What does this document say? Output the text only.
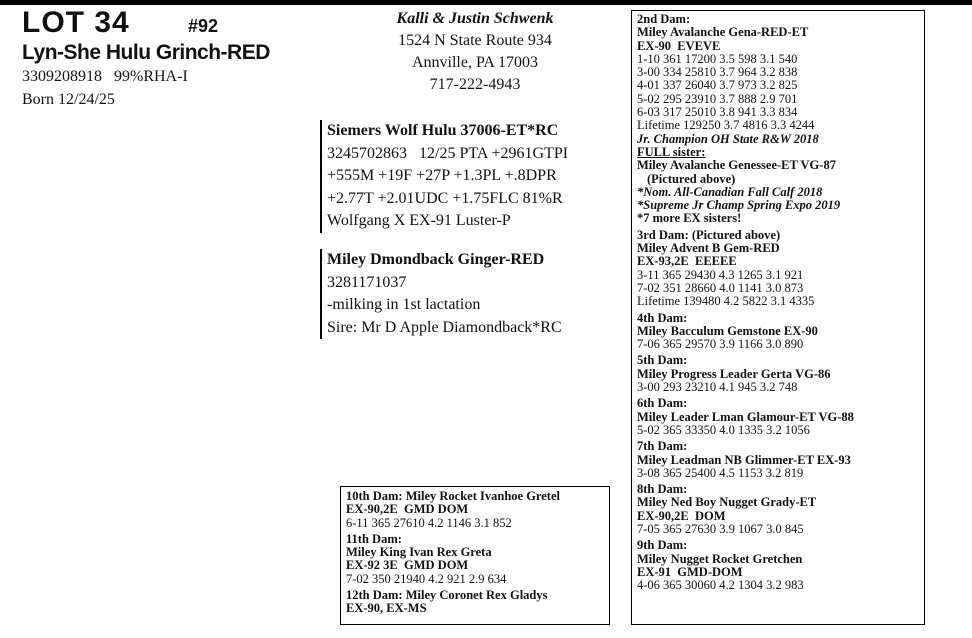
LOT 34	#92
Lyn-She Hulu Grinch-RED
3309208918   99%RHA-I
Born 12/24/25
Kalli & Justin Schwenk
1524 N State Route 934
Annville, PA 17003
717-222-4943
Siemers Wolf Hulu 37006-ET*RC
3245702863   12/25 PTA +2961GTPI
+555M +19F +27P +1.3PL +.8DPR
+2.77T +2.01UDC +1.75FLC 81%R
Wolfgang X EX-91 Luster-P
Miley Dmondback Ginger-RED
3281171037
-milking in 1st lactation
Sire: Mr D Apple Diamondback*RC
2nd Dam:
Miley Avalanche Gena-RED-ET
EX-90  EVEVE
1-10 361 17200 3.5 598 3.1 540
3-00 334 25810 3.7 964 3.2 838
4-01 337 26040 3.7 973 3.2 825
5-02 295 23910 3.7 888 2.9 701
6-03 317 25010 3.8 941 3.3 834
Lifetime 129250 3.7 4816 3.3 4244
Jr. Champion OH State R&W 2018
FULL sister:
Miley Avalanche Genessee-ET VG-87
(Pictured above)
*Nom. All-Canadian Fall Calf 2018
*Supreme Jr Champ Spring Expo 2019
*7 more EX sisters!
3rd Dam: (Pictured above)
Miley Advent B Gem-RED
EX-93,2E  EEEEE
3-11 365 29430 4.3 1265 3.1 921
7-02 351 28660 4.0 1141 3.0 873
Lifetime 139480 4.2 5822 3.1 4335
4th Dam:
Miley Bacculum Gemstone EX-90
7-06 365 29570 3.9 1166 3.0 890
5th Dam:
Miley Progress Leader Gerta VG-86
3-00 293 23210 4.1 945 3.2 748
6th Dam:
Miley Leader Lman Glamour-ET VG-88
5-02 365 33350 4.0 1335 3.2 1056
7th Dam:
Miley Leadman NB Glimmer-ET EX-93
3-08 365 25400 4.5 1153 3.2 819
8th Dam:
Miley Ned Boy Nugget Grady-ET
EX-90,2E  DOM
7-05 365 27630 3.9 1067 3.0 845
9th Dam:
Miley Nugget Rocket Gretchen
EX-91  GMD-DOM
4-06 365 30060 4.2 1304 3.2 983
10th Dam: Miley Rocket Ivanhoe Gretel
EX-90,2E  GMD DOM
6-11 365 27610 4.2 1146 3.1 852
11th Dam:
Miley King Ivan Rex Greta
EX-92 3E  GMD DOM
7-02 350 21940 4.2 921 2.9 634
12th Dam: Miley Coronet Rex Gladys
EX-90, EX-MS
